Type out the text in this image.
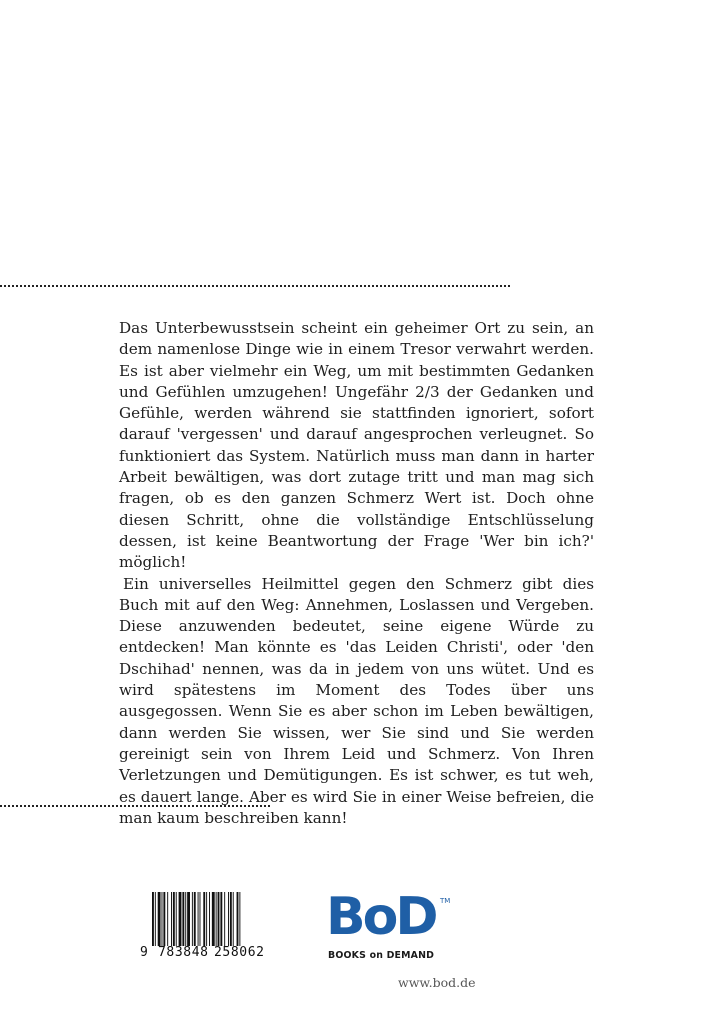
Das Unterbewusstsein scheint ein geheimer Ort zu sein, an dem namenlose Dinge wie in einem Tresor verwahrt werden. Es ist aber vielmehr ein Weg, um mit bestimmten Gedanken und Gefühlen umzugehen! Ungefähr 2/3 der Gedanken und Gefühle, werden während sie stattfinden ignoriert, sofort darauf 'vergessen' und darauf angesprochen verleugnet. So funktioniert das System. Natürlich muss man dann in harter Arbeit bewältigen, was dort zutage tritt und man mag sich fragen, ob es den ganzen Schmerz Wert ist. Doch ohne diesen Schritt, ohne die vollständige Entschlüsselung dessen, ist keine Beantwortung der Frage 'Wer bin ich?' möglich!

Ein universelles Heilmittel gegen den Schmerz gibt dies Buch mit auf den Weg: Annehmen, Loslassen und Vergeben. Diese anzuwenden bedeutet, seine eigene Würde zu entdecken! Man könnte es 'das Leiden Christi', oder 'den Dschihad' nennen, was da in jedem von uns wütet. Und es wird spätestens im Moment des Todes über uns ausgegossen. Wenn Sie es aber schon im Leben bewältigen, dann werden Sie wissen, wer Sie sind und Sie werden gereinigt sein von Ihrem Leid und Schmerz. Von Ihren Verletzungen und Demütigungen. Es ist schwer, es tut weh, es dauert lange. Aber es wird Sie in einer Weise befreien, die man kaum beschreiben kann!

9 783848 258062
BoD TM
BOOKS on DEMAND
www.bod.de
